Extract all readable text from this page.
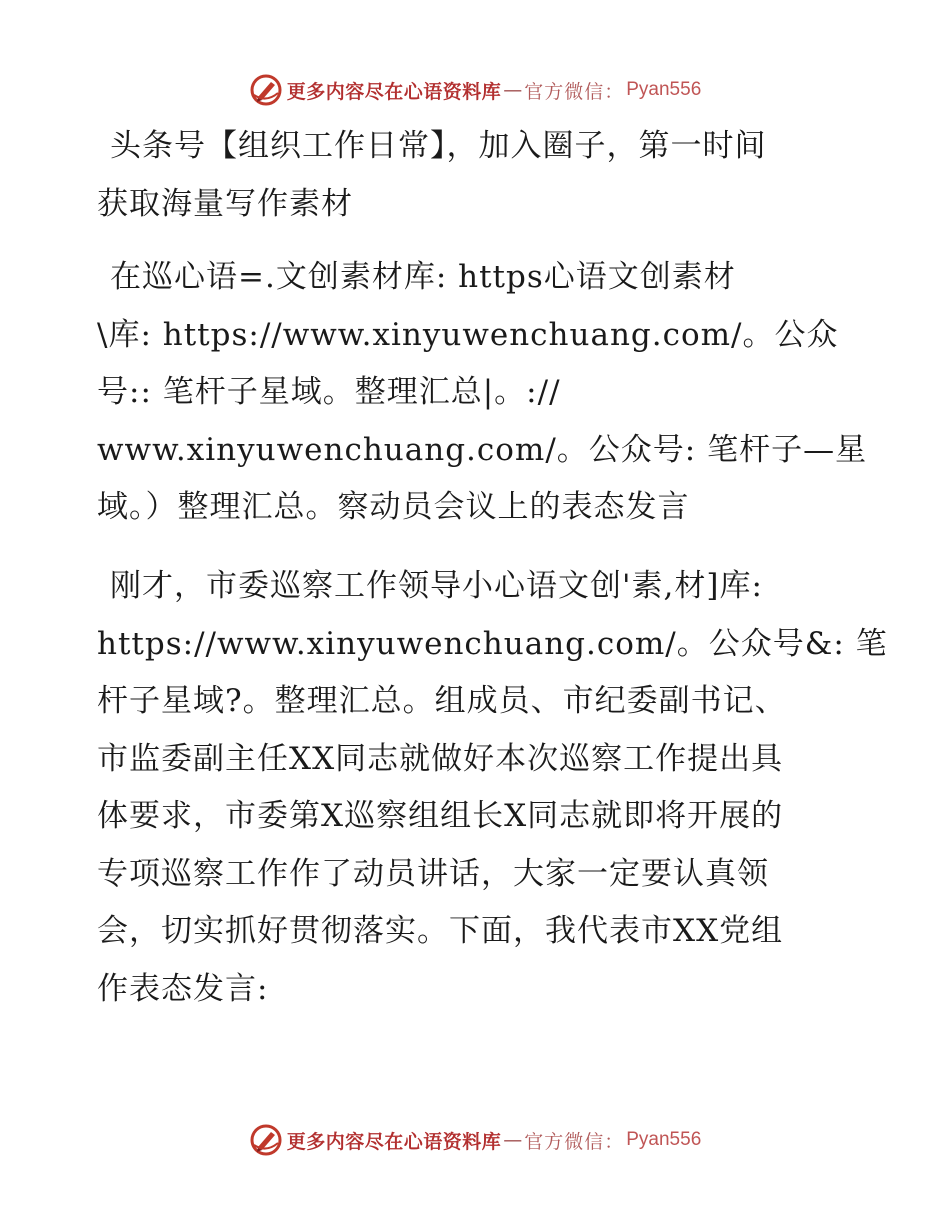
更多内容尽在心语资料库 — 官方微信： Pyan556
头条号【组织工作日常】，加入圈子，第一时间
获取海量写作素材
在巡心语=.文创素材库: https心语文创素材
\库: https://www.xinyuwenchuang.com/。公众
号:: 笔杆子星域。整理汇总|。://
www.xinyuwenchuang.com/。公众号: 笔杆子—星
域。）整理汇总。察动员会议上的表态发言
刚才，市委巡察工作领导小心语文创'素,材]库:
https://www.xinyuwenchuang.com/。公众号&: 笔
杆子星域?。整理汇总。组成员、市纪委副书记、
市监委副主任XX同志就做好本次巡察工作提出具
体要求，市委第X巡察组组长X同志就即将开展的
专项巡察工作作了动员讲话，大家一定要认真领
会，切实抓好贯彻落实。下面，我代表市XX党组
作表态发言:
更多内容尽在心语资料库 — 官方微信： Pyan556
